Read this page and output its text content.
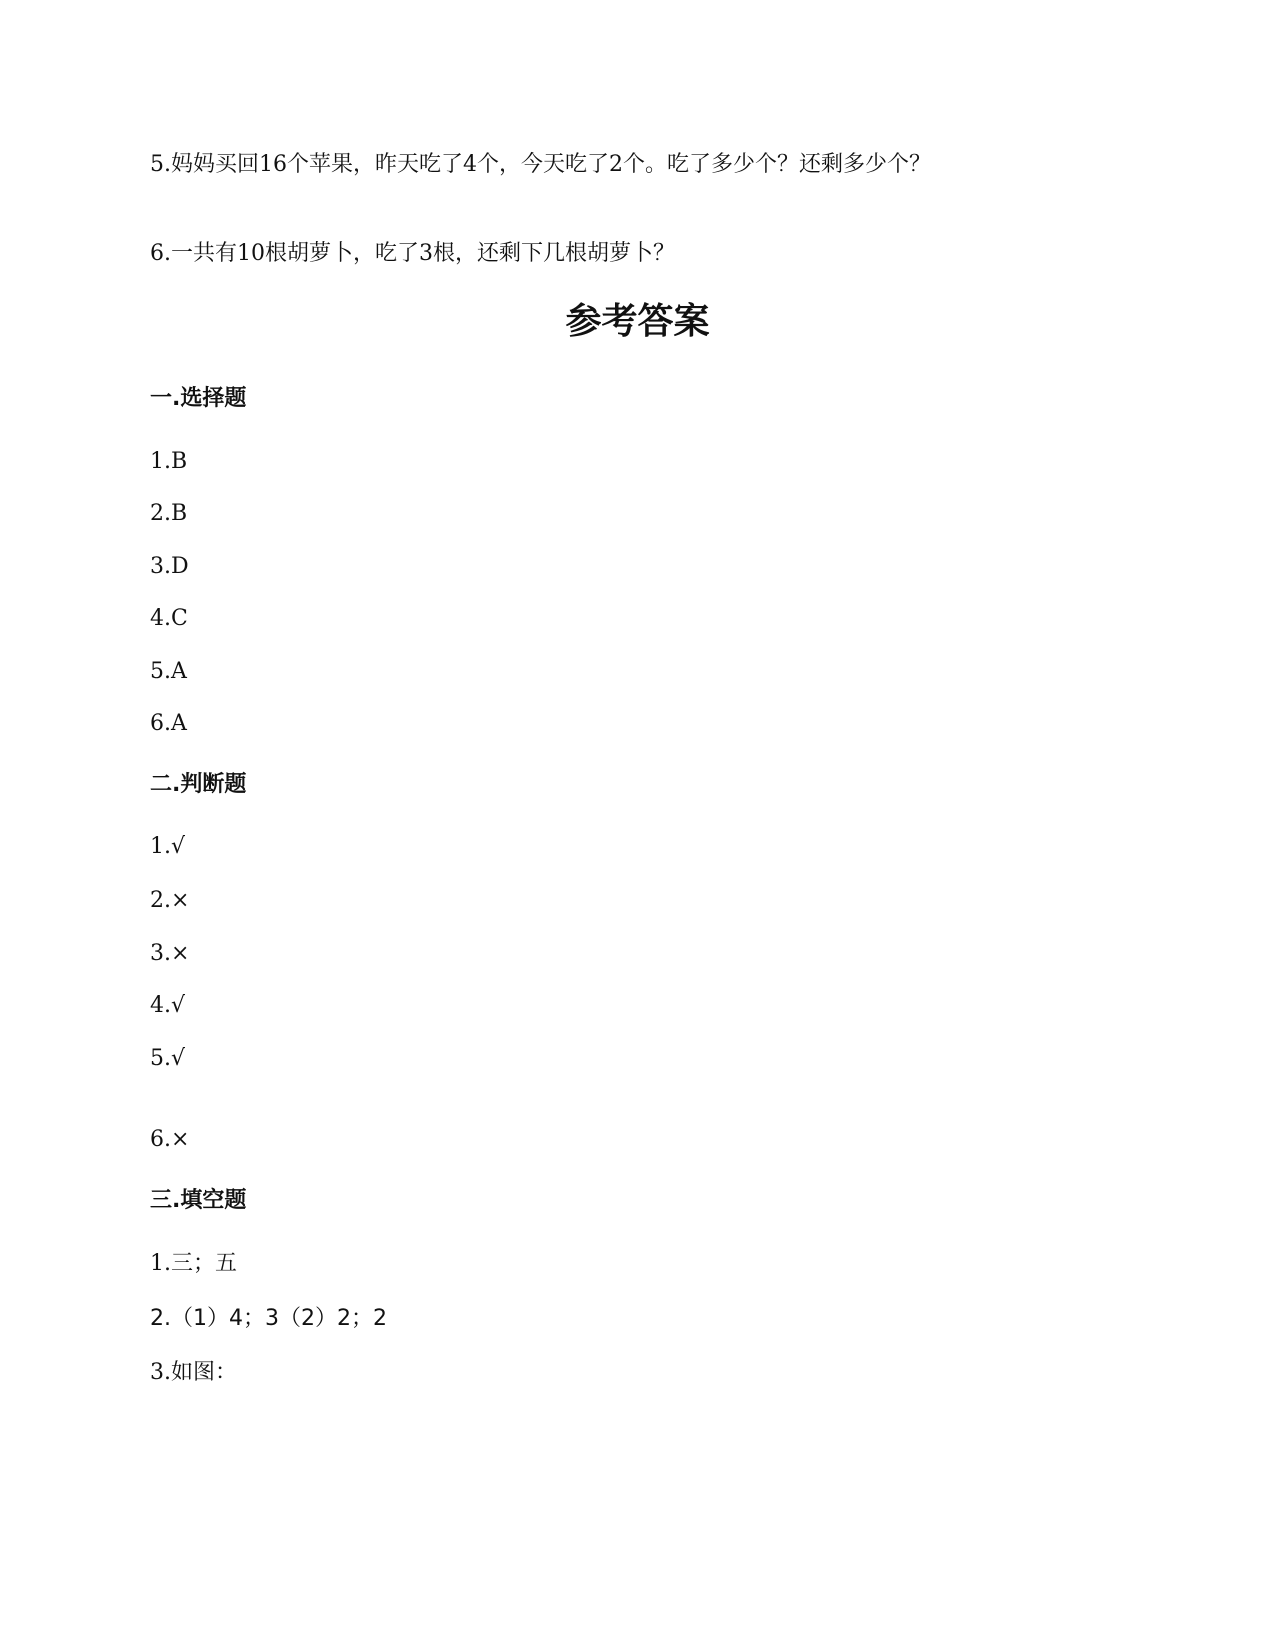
5.妈妈买回16个苹果，昨天吃了4个，今天吃了2个。吃了多少个？还剩多少个？
6.一共有10根胡萝卜，吃了3根，还剩下几根胡萝卜？
参考答案
一.选择题
1.B
2.B
3.D
4.C
5.A
6.A
二.判断题
1.√
2.×
3.×
4.√
5.√
6.×
三.填空题
1.三；五
2.（1）4；3（2）2；2
3.如图：
